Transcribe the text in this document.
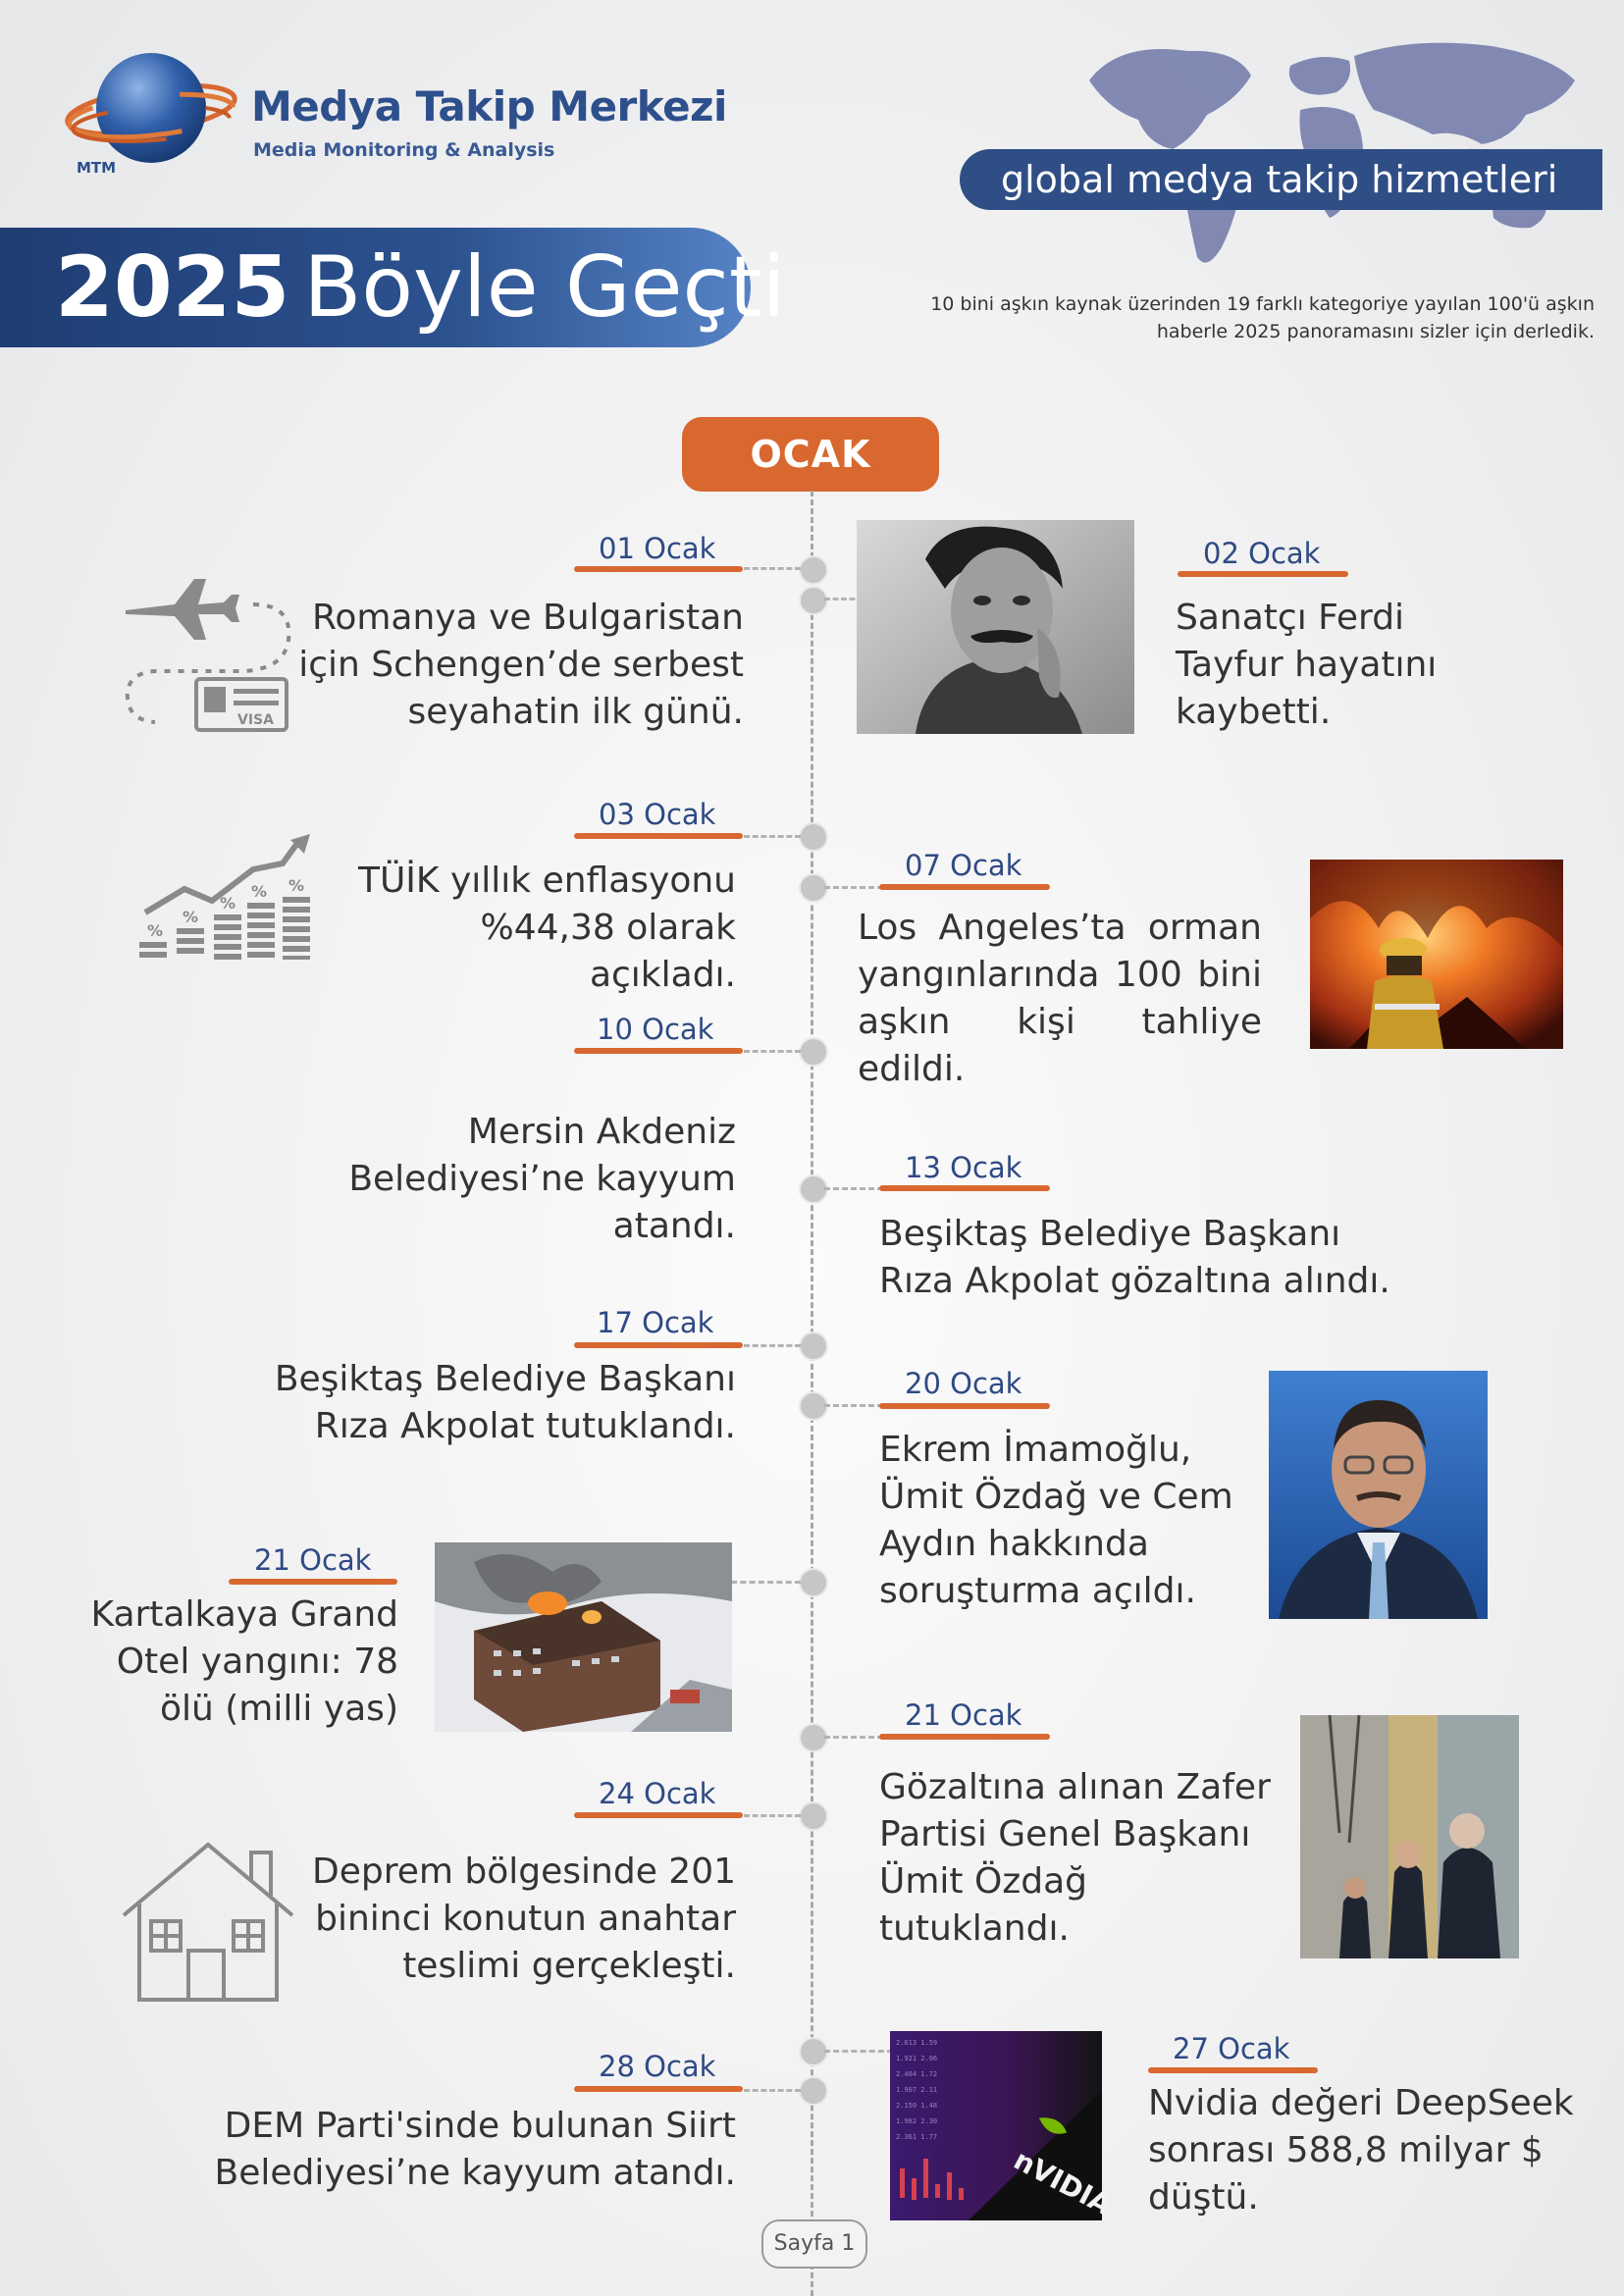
MTM
Medya Takip Merkezi
Media Monitoring & Analysis
2025 Böyle Geçti
global medya takip hizmetleri
10 bini aşkın kaynak üzerinden 19 farklı kategoriye yayılan 100'ü aşkın haberle 2025 panoramasını sizler için derledik.
OCAK
01 Ocak
Romanya ve Bulgaristan için Schengen’de serbest seyahatin ilk günü.
VISA
02 Ocak
Sanatçı Ferdi Tayfur hayatını kaybetti.
03 Ocak
TÜİK yıllık enflasyonu %44,38 olarak açıkladı.
%
%
%
% %
07 Ocak
Los Angeles’ta orman yangınlarında 100 bini aşkın kişi tahliye edildi.
10 Ocak
Mersin Akdeniz Belediyesi’ne kayyum atandı.
13 Ocak
Beşiktaş Belediye Başkanı Rıza Akpolat gözaltına alındı.
17 Ocak
Beşiktaş Belediye Başkanı Rıza Akpolat tutuklandı.
20 Ocak
Ekrem İmamoğlu, Ümit Özdağ ve Cem Aydın hakkında soruşturma açıldı.
21 Ocak
Kartalkaya Grand Otel yangını: 78 ölü (milli yas)	21 Ocak
Gözaltına alınan Zafer Partisi Genel Başkanı Ümit Özdağ tutuklandı.
24 Ocak
Deprem bölgesinde 201 bininci konutun anahtar teslimi gerçekleşti.
2.613 1.59
1.921 2.06
2.484 1.72
1.907 2.11
2.150 1.48
1.982 2.30
2.361 1.77
nVIDIA
27 Ocak
Nvidia değeri DeepSeek sonrası 588,8 milyar $ düştü.
28 Ocak
DEM Parti'sinde bulunan Siirt Belediyesi’ne kayyum atandı.
Sayfa 1
